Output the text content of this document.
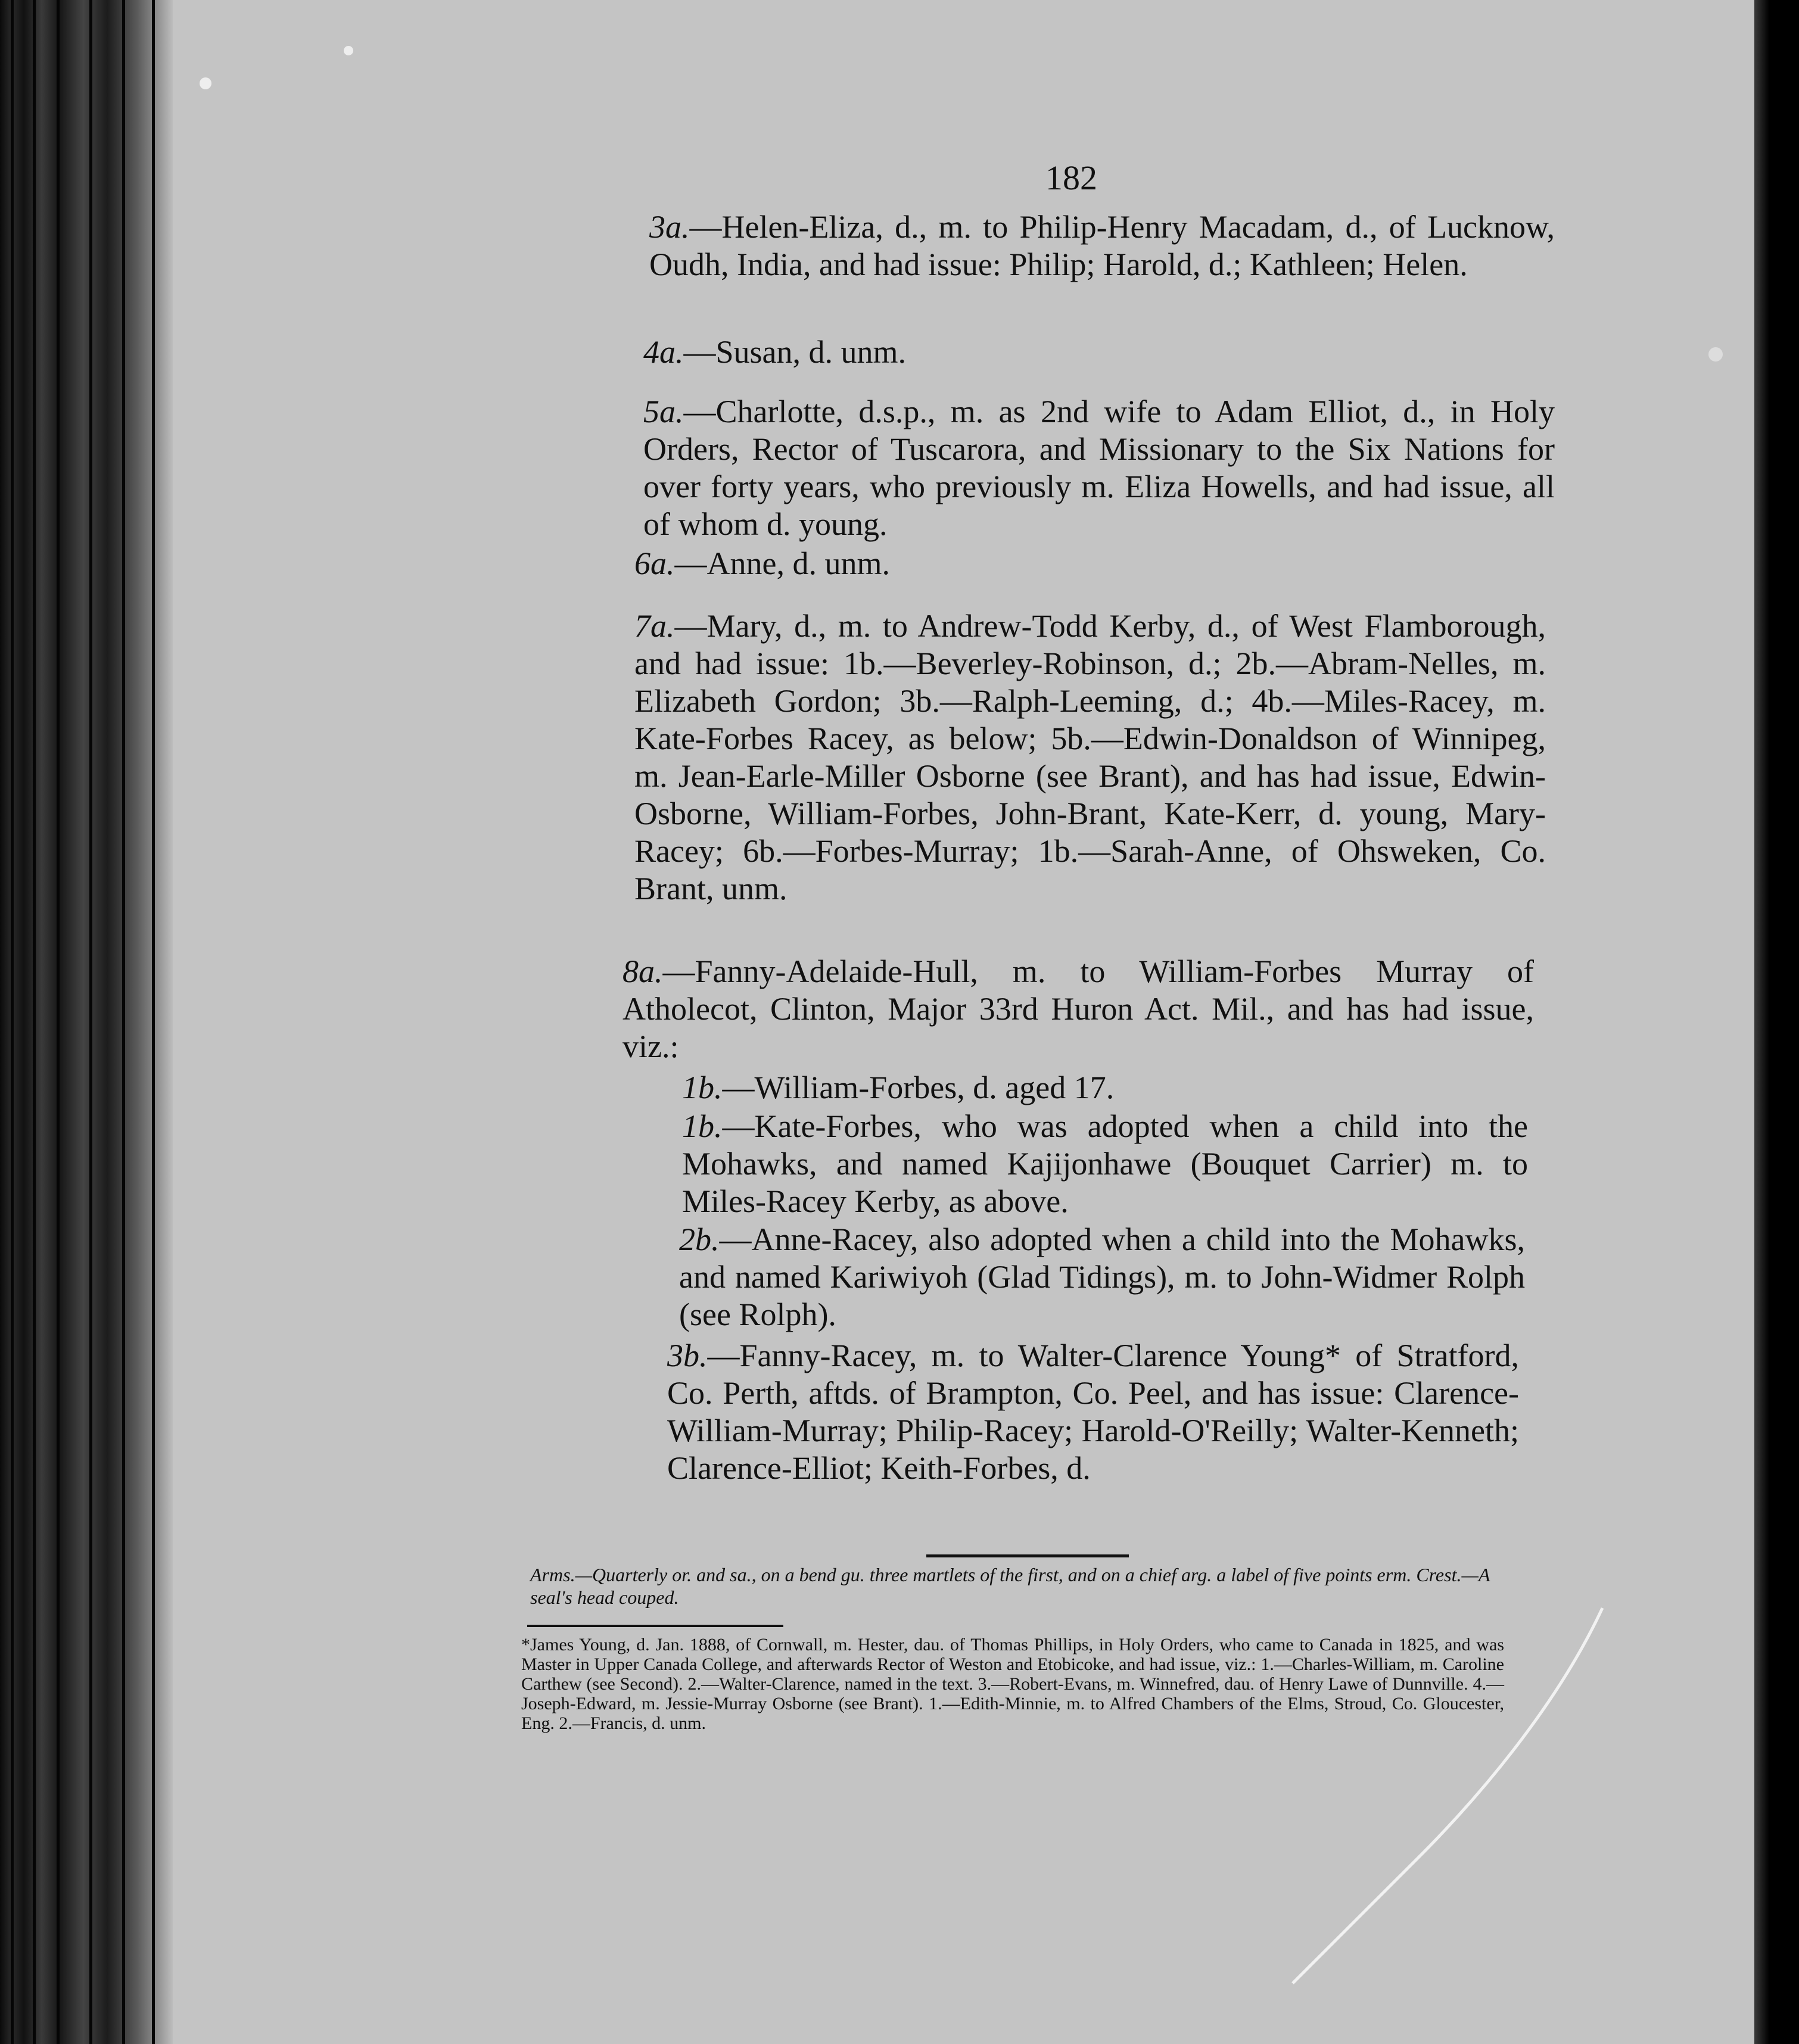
182
3a.—Helen-Eliza, d., m. to Philip-Henry Macadam, d., of Lucknow, Oudh, India, and had issue: Philip; Harold, d.; Kathleen; Helen.
4a.—Susan, d. unm.
5a.—Charlotte, d.s.p., m. as 2nd wife to Adam Elliot, d., in Holy Orders, Rector of Tuscarora, and Missionary to the Six Nations for over forty years, who previously m. Eliza Howells, and had issue, all of whom d. young.
6a.—Anne, d. unm.
7a.—Mary, d., m. to Andrew-Todd Kerby, d., of West Flamborough, and had issue: 1b.—Beverley-Robinson, d.; 2b.—Abram-Nelles, m. Elizabeth Gordon; 3b.—Ralph-Leeming, d.; 4b.—Miles-Racey, m. Kate-Forbes Racey, as below; 5b.—Edwin-Donaldson of Winnipeg, m. Jean-Earle-Miller Osborne (see Brant), and has had issue, Edwin-Osborne, William-Forbes, John-Brant, Kate-Kerr, d. young, Mary-Racey; 6b.—Forbes-Murray; 1b.—Sarah-Anne, of Ohsweken, Co. Brant, unm.
8a.—Fanny-Adelaide-Hull, m. to William-Forbes Murray of Atholecot, Clinton, Major 33rd Huron Act. Mil., and has had issue, viz.:
1b.—William-Forbes, d. aged 17.
1b.—Kate-Forbes, who was adopted when a child into the Mohawks, and named Kajijonhawe (Bouquet Carrier) m. to Miles-Racey Kerby, as above.
2b.—Anne-Racey, also adopted when a child into the Mohawks, and named Kariwiyoh (Glad Tidings), m. to John-Widmer Rolph (see Rolph).
3b.—Fanny-Racey, m. to Walter-Clarence Young* of Stratford, Co. Perth, aftds. of Brampton, Co. Peel, and has issue: Clarence-William-Murray; Philip-Racey; Harold-O'Reilly; Walter-Kenneth; Clarence-Elliot; Keith-Forbes, d.
Arms.—Quarterly or. and sa., on a bend gu. three martlets of the first, and on a chief arg. a label of five points erm. Crest.—A seal's head couped.
*James Young, d. Jan. 1888, of Cornwall, m. Hester, dau. of Thomas Phillips, in Holy Orders, who came to Canada in 1825, and was Master in Upper Canada College, and afterwards Rector of Weston and Etobicoke, and had issue, viz.: 1.—Charles-William, m. Caroline Carthew (see Second). 2.—Walter-Clarence, named in the text. 3.—Robert-Evans, m. Winnefred, dau. of Henry Lawe of Dunnville. 4.—Joseph-Edward, m. Jessie-Murray Osborne (see Brant). 1.—Edith-Minnie, m. to Alfred Chambers of the Elms, Stroud, Co. Gloucester, Eng. 2.—Francis, d. unm.
